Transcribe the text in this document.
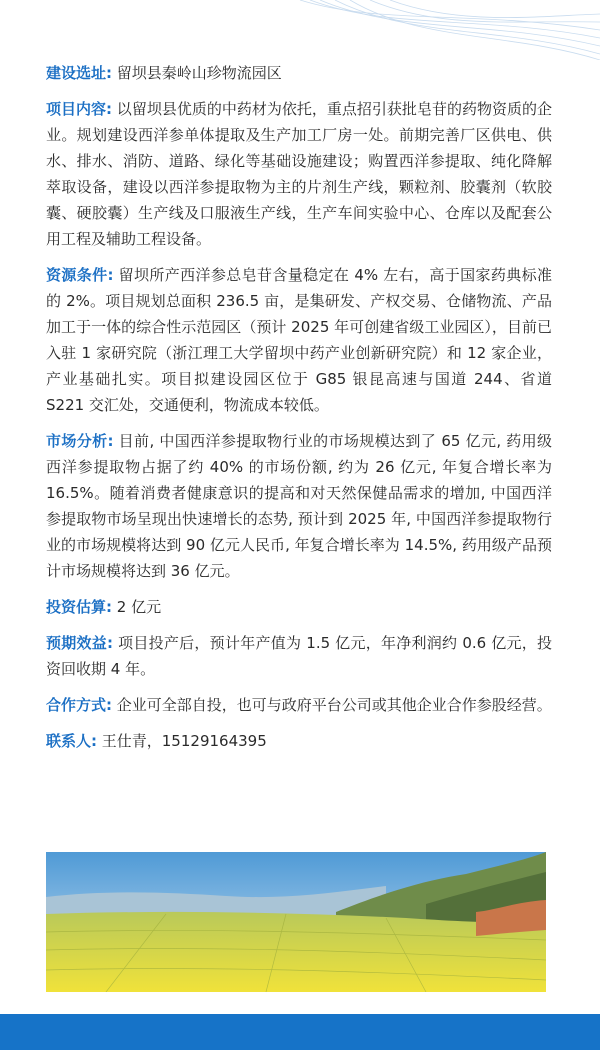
建设选址: 留坝县秦岭山珍物流园区

项目内容: 以留坝县优质的中药材为依托，重点招引获批皂苷的药物资质的企业。规划建设西洋参单体提取及生产加工厂房一处。前期完善厂区供电、供水、排水、消防、道路、绿化等基础设施建设；购置西洋参提取、纯化降解萃取设备，建设以西洋参提取物为主的片剂生产线，颗粒剂、胶囊剂（软胶囊、硬胶囊）生产线及口服液生产线，生产车间实验中心、仓库以及配套公用工程及辅助工程设备。

资源条件: 留坝所产西洋参总皂苷含量稳定在 4% 左右，高于国家药典标准的 2%。项目规划总面积 236.5 亩，是集研发、产权交易、仓储物流、产品加工于一体的综合性示范园区（预计 2025 年可创建省级工业园区），目前已入驻 1 家研究院（浙江理工大学留坝中药产业创新研究院）和 12 家企业，产业基础扎实。项目拟建设园区位于 G85 银昆高速与国道 244、省道 S221 交汇处，交通便利，物流成本较低。

市场分析: 目前, 中国西洋参提取物行业的市场规模达到了 65 亿元, 药用级西洋参提取物占据了约 40% 的市场份额, 约为 26 亿元, 年复合增长率为 16.5%。随着消费者健康意识的提高和对天然保健品需求的增加, 中国西洋参提取物市场呈现出快速增长的态势, 预计到 2025 年, 中国西洋参提取物行业的市场规模将达到 90 亿元人民币, 年复合增长率为 14.5%, 药用级产品预计市场规模将达到 36 亿元。

投资估算: 2 亿元

预期效益: 项目投产后，预计年产值为 1.5 亿元，年净利润约 0.6 亿元，投资回收期 4 年。

合作方式: 企业可全部自投，也可与政府平台公司或其他企业合作参股经营。

联系人: 王仕青，15129164395
